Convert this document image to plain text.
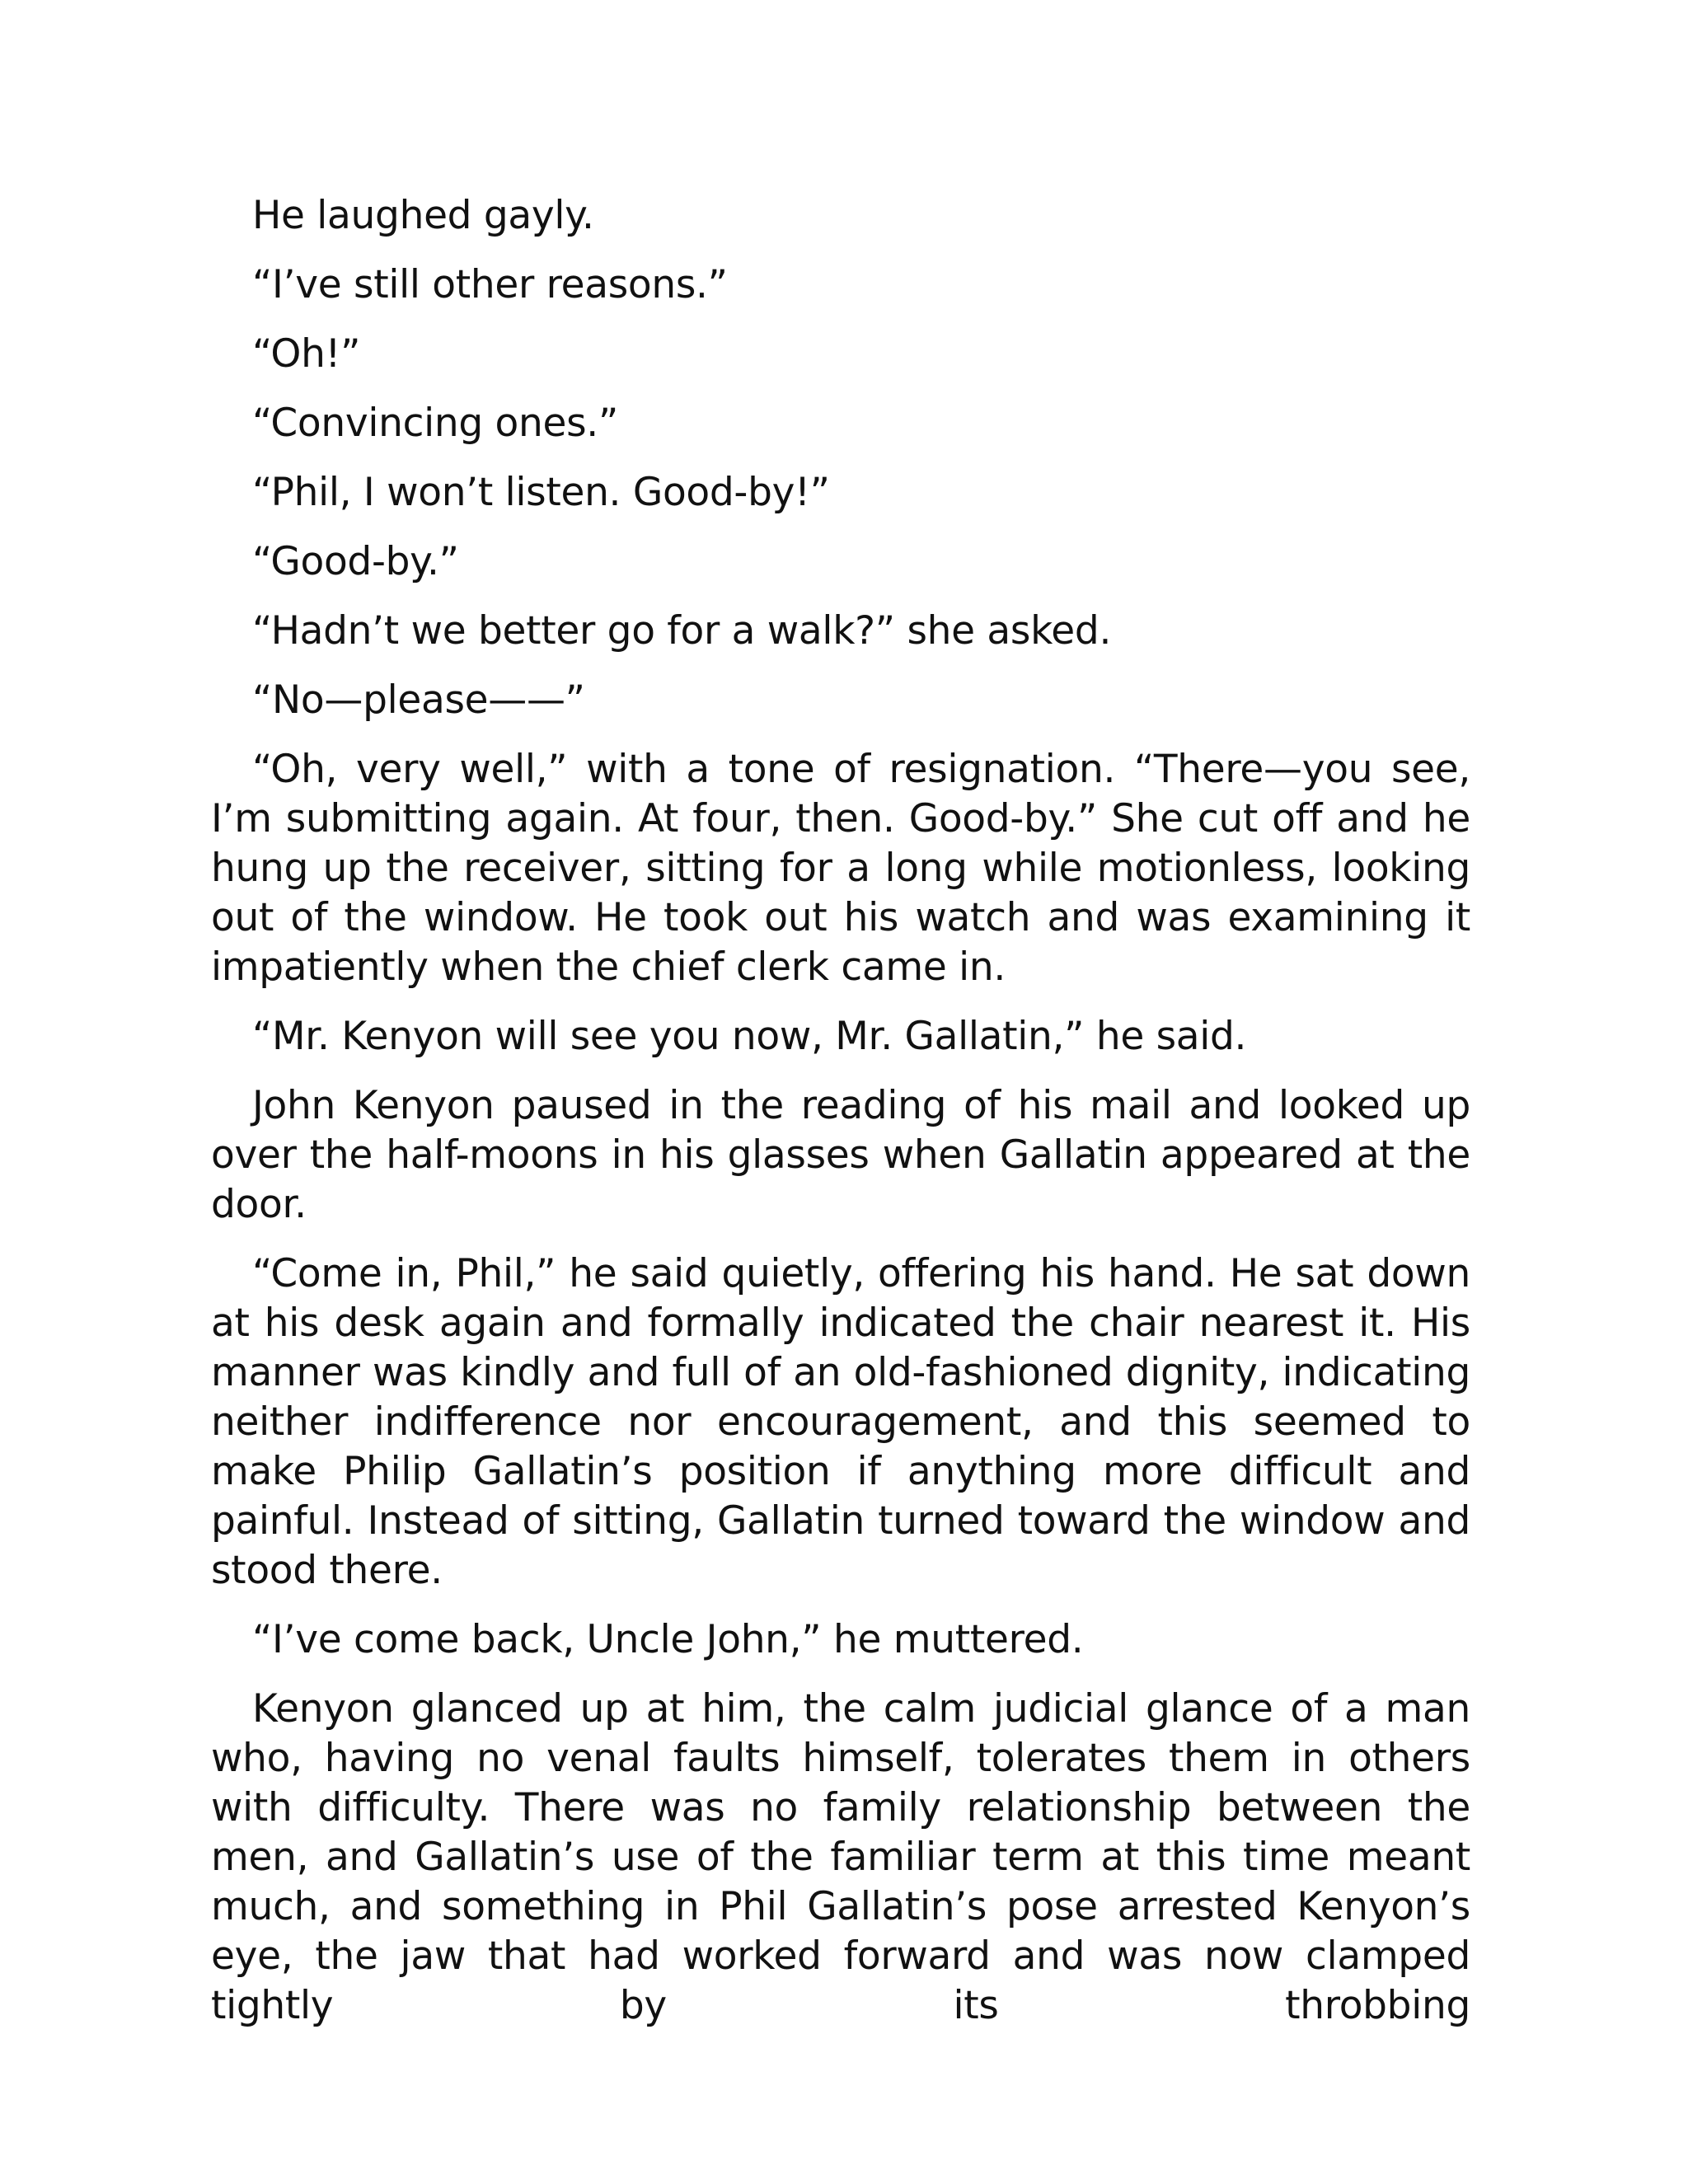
He laughed gayly.

“I’ve still other reasons.”

“Oh!”

“Convincing ones.”

“Phil, I won’t listen. Good-by!”

“Good-by.”

“Hadn’t we better go for a walk?” she asked.

“No—please——”

“Oh, very well,” with a tone of resignation. “There—you see, I’m submitting again. At four, then. Good-by.” She cut off and he hung up the receiver, sitting for a long while motionless, looking out of the window. He took out his watch and was examining it impatiently when the chief clerk came in.

“Mr. Kenyon will see you now, Mr. Gallatin,” he said.

John Kenyon paused in the reading of his mail and looked up over the half-moons in his glasses when Gallatin appeared at the door.

“Come in, Phil,” he said quietly, offering his hand. He sat down at his desk again and formally indicated the chair nearest it. His manner was kindly and full of an old-fashioned dignity, indicating neither indifference nor encouragement, and this seemed to make Philip Gallatin’s position if anything more difficult and painful. Instead of sitting, Gallatin turned toward the window and stood there.

“I’ve come back, Uncle John,” he muttered.

Kenyon glanced up at him, the calm judicial glance of a man who, having no venal faults himself, tolerates them in others with difficulty. There was no family relationship between the men, and Gallatin’s use of the familiar term at this time meant much, and something in Phil Gallatin’s pose arrested Kenyon’s eye, the jaw that had worked forward and was now clamped tightly by its throbbing
